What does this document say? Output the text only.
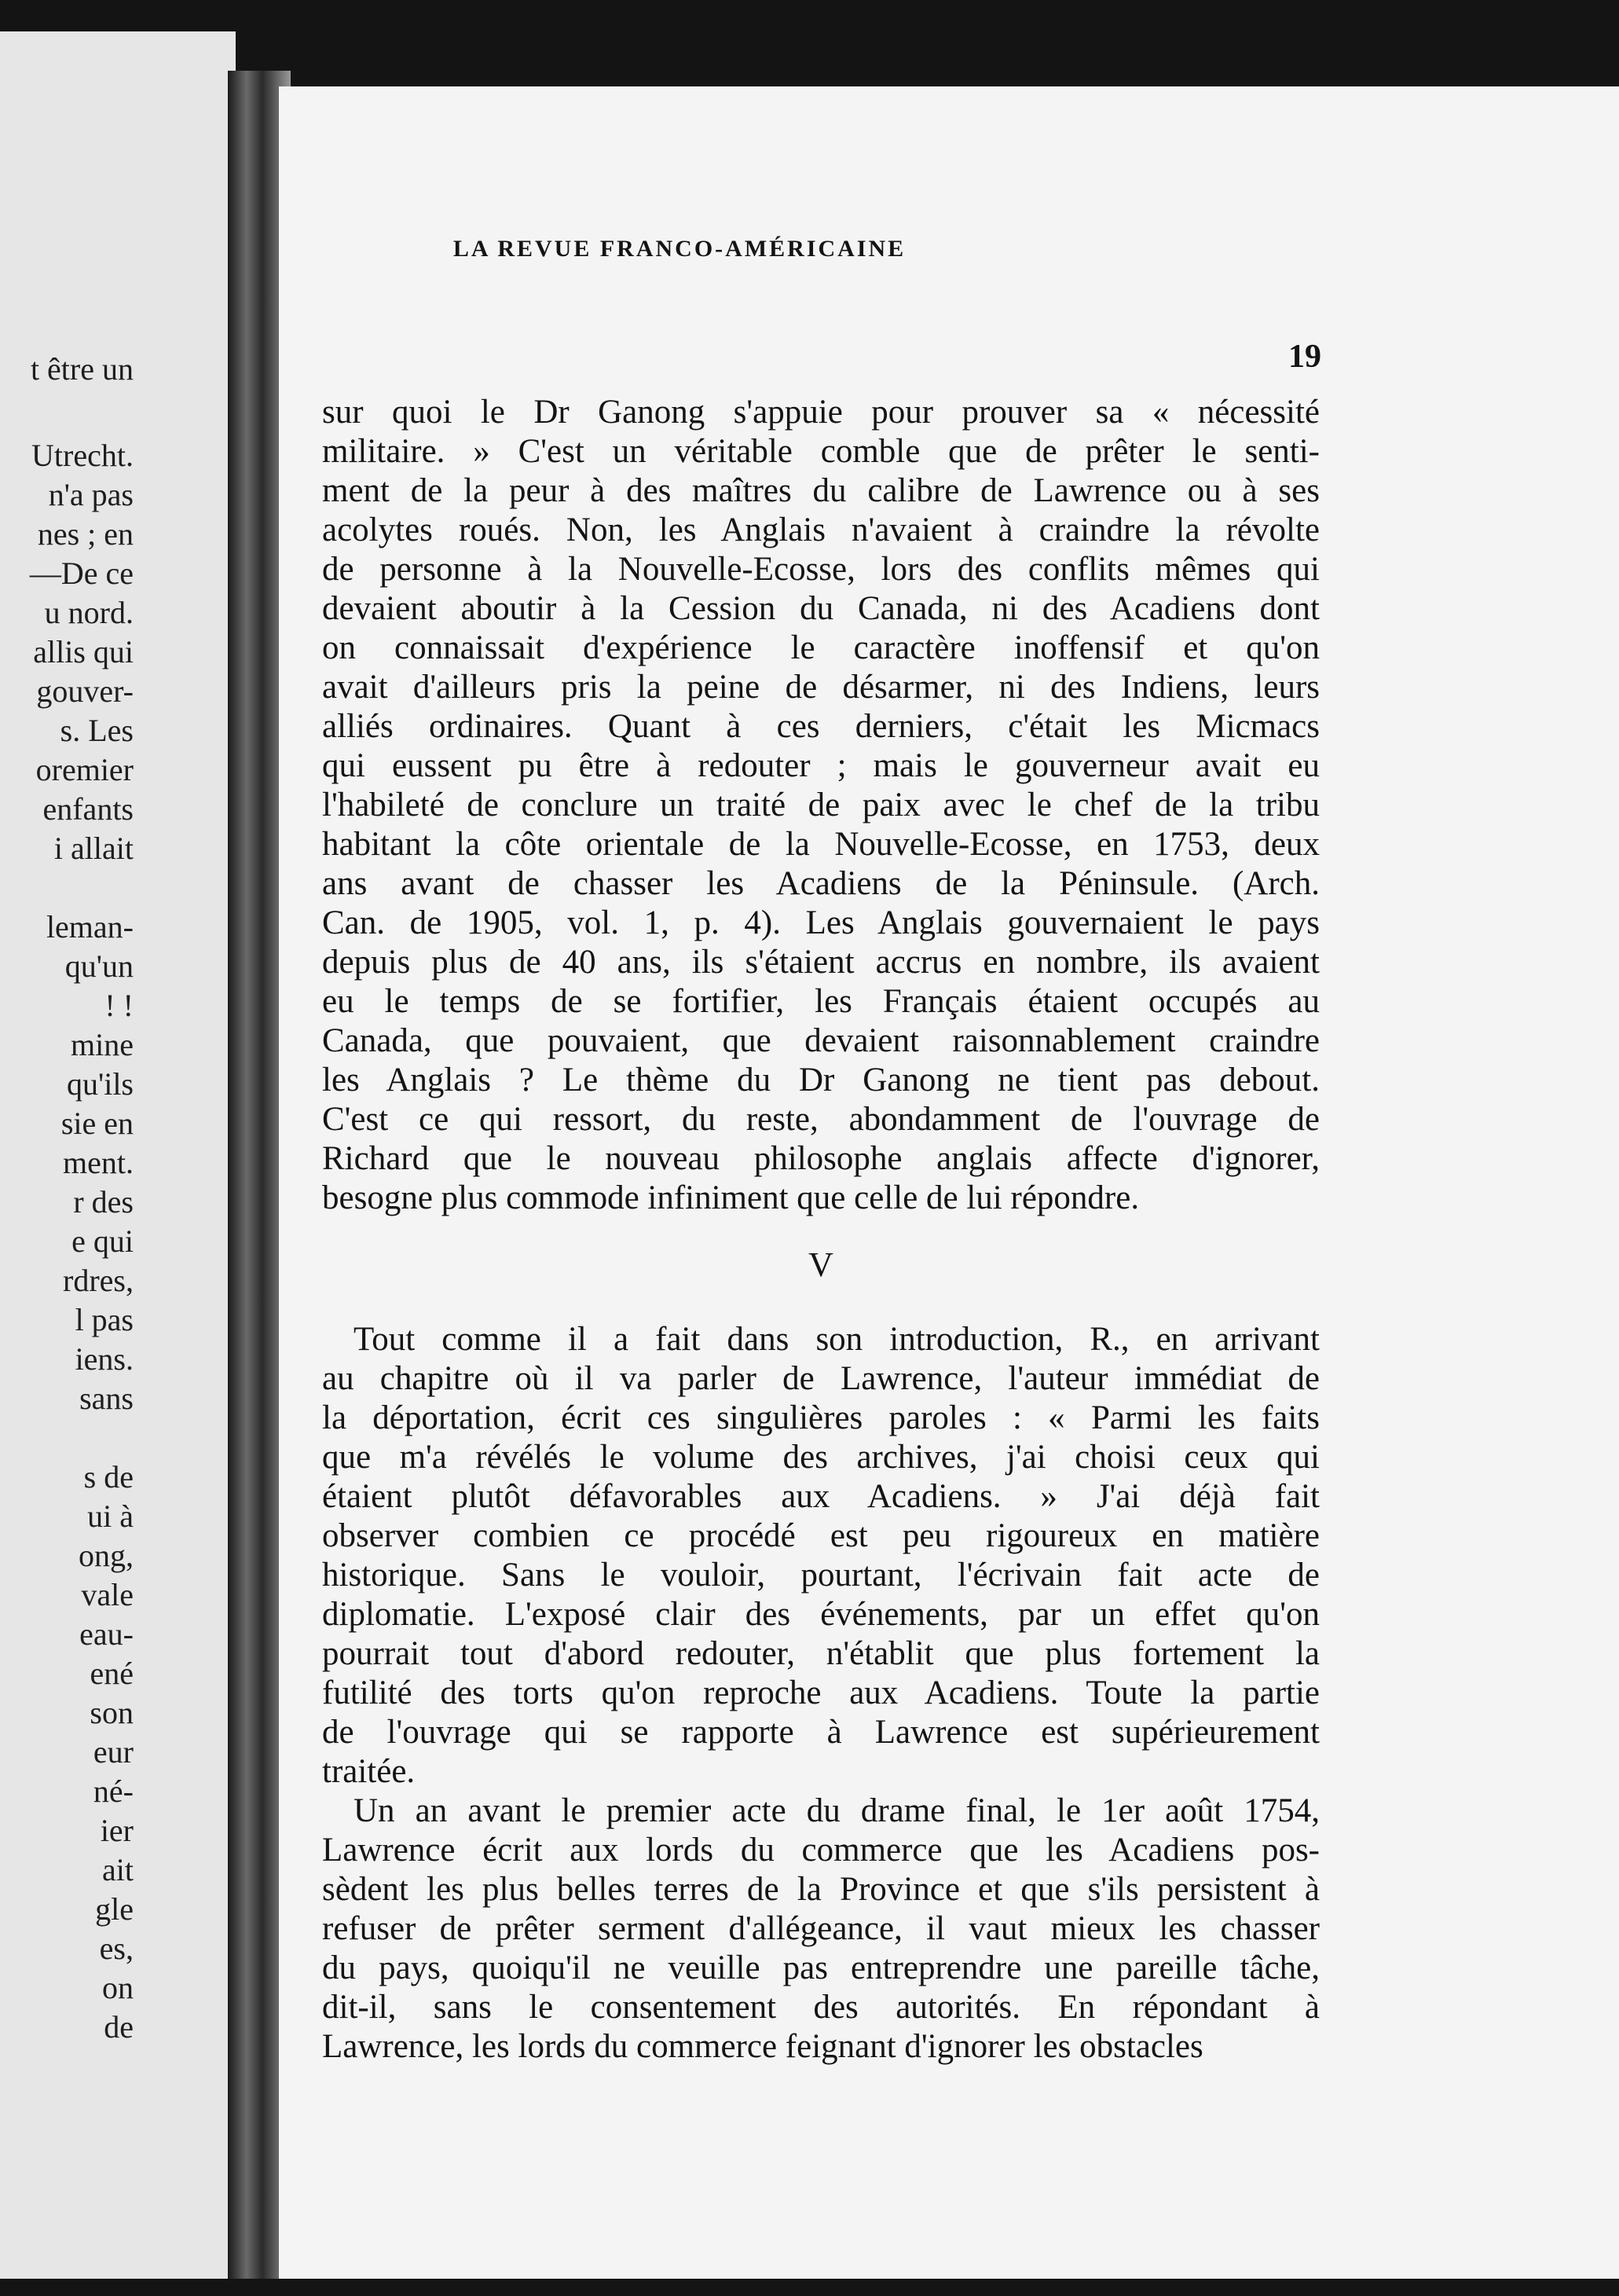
t être un
Utrecht.
n'a pas
nes ; en
—De ce
u nord.
allis qui
gouver-
s. Les
oremier
enfants
i allait
leman-
qu'un
! !
mine
qu'ils
sie en
ment.
r des
e qui
rdres,
l pas
iens.
sans
s de
ui à
ong,
vale
eau-
ené
son
eur
né-
ier
ait
gle
es,
on
de
LA REVUE FRANCO-AMÉRICAINE
19
sur quoi le Dr Ganong s'appuie pour prouver sa « nécessité
militaire. » C'est un véritable comble que de prêter le senti-
ment de la peur à des maîtres du calibre de Lawrence ou à ses
acolytes roués. Non, les Anglais n'avaient à craindre la révolte
de personne à la Nouvelle-Ecosse, lors des conflits mêmes qui
devaient aboutir à la Cession du Canada, ni des Acadiens dont
on connaissait d'expérience le caractère inoffensif et qu'on
avait d'ailleurs pris la peine de désarmer, ni des Indiens, leurs
alliés ordinaires. Quant à ces derniers, c'était les Micmacs
qui eussent pu être à redouter ; mais le gouverneur avait eu
l'habileté de conclure un traité de paix avec le chef de la tribu
habitant la côte orientale de la Nouvelle-Ecosse, en 1753, deux
ans avant de chasser les Acadiens de la Péninsule. (Arch.
Can. de 1905, vol. 1, p. 4). Les Anglais gouvernaient le pays
depuis plus de 40 ans, ils s'étaient accrus en nombre, ils avaient
eu le temps de se fortifier, les Français étaient occupés au
Canada, que pouvaient, que devaient raisonnablement craindre
les Anglais ? Le thème du Dr Ganong ne tient pas debout.
C'est ce qui ressort, du reste, abondamment de l'ouvrage de
Richard que le nouveau philosophe anglais affecte d'ignorer,
besogne plus commode infiniment que celle de lui répondre.
V
Tout comme il a fait dans son introduction, R., en arrivant
au chapitre où il va parler de Lawrence, l'auteur immédiat de
la déportation, écrit ces singulières paroles : « Parmi les faits
que m'a révélés le volume des archives, j'ai choisi ceux qui
étaient plutôt défavorables aux Acadiens. » J'ai déjà fait
observer combien ce procédé est peu rigoureux en matière
historique. Sans le vouloir, pourtant, l'écrivain fait acte de
diplomatie. L'exposé clair des événements, par un effet qu'on
pourrait tout d'abord redouter, n'établit que plus fortement la
futilité des torts qu'on reproche aux Acadiens. Toute la partie
de l'ouvrage qui se rapporte à Lawrence est supérieurement
traitée.
Un an avant le premier acte du drame final, le 1er août 1754,
Lawrence écrit aux lords du commerce que les Acadiens pos-
sèdent les plus belles terres de la Province et que s'ils persistent à
refuser de prêter serment d'allégeance, il vaut mieux les chasser
du pays, quoiqu'il ne veuille pas entreprendre une pareille tâche,
dit-il, sans le consentement des autorités. En répondant à
Lawrence, les lords du commerce feignant d'ignorer les obstacles
